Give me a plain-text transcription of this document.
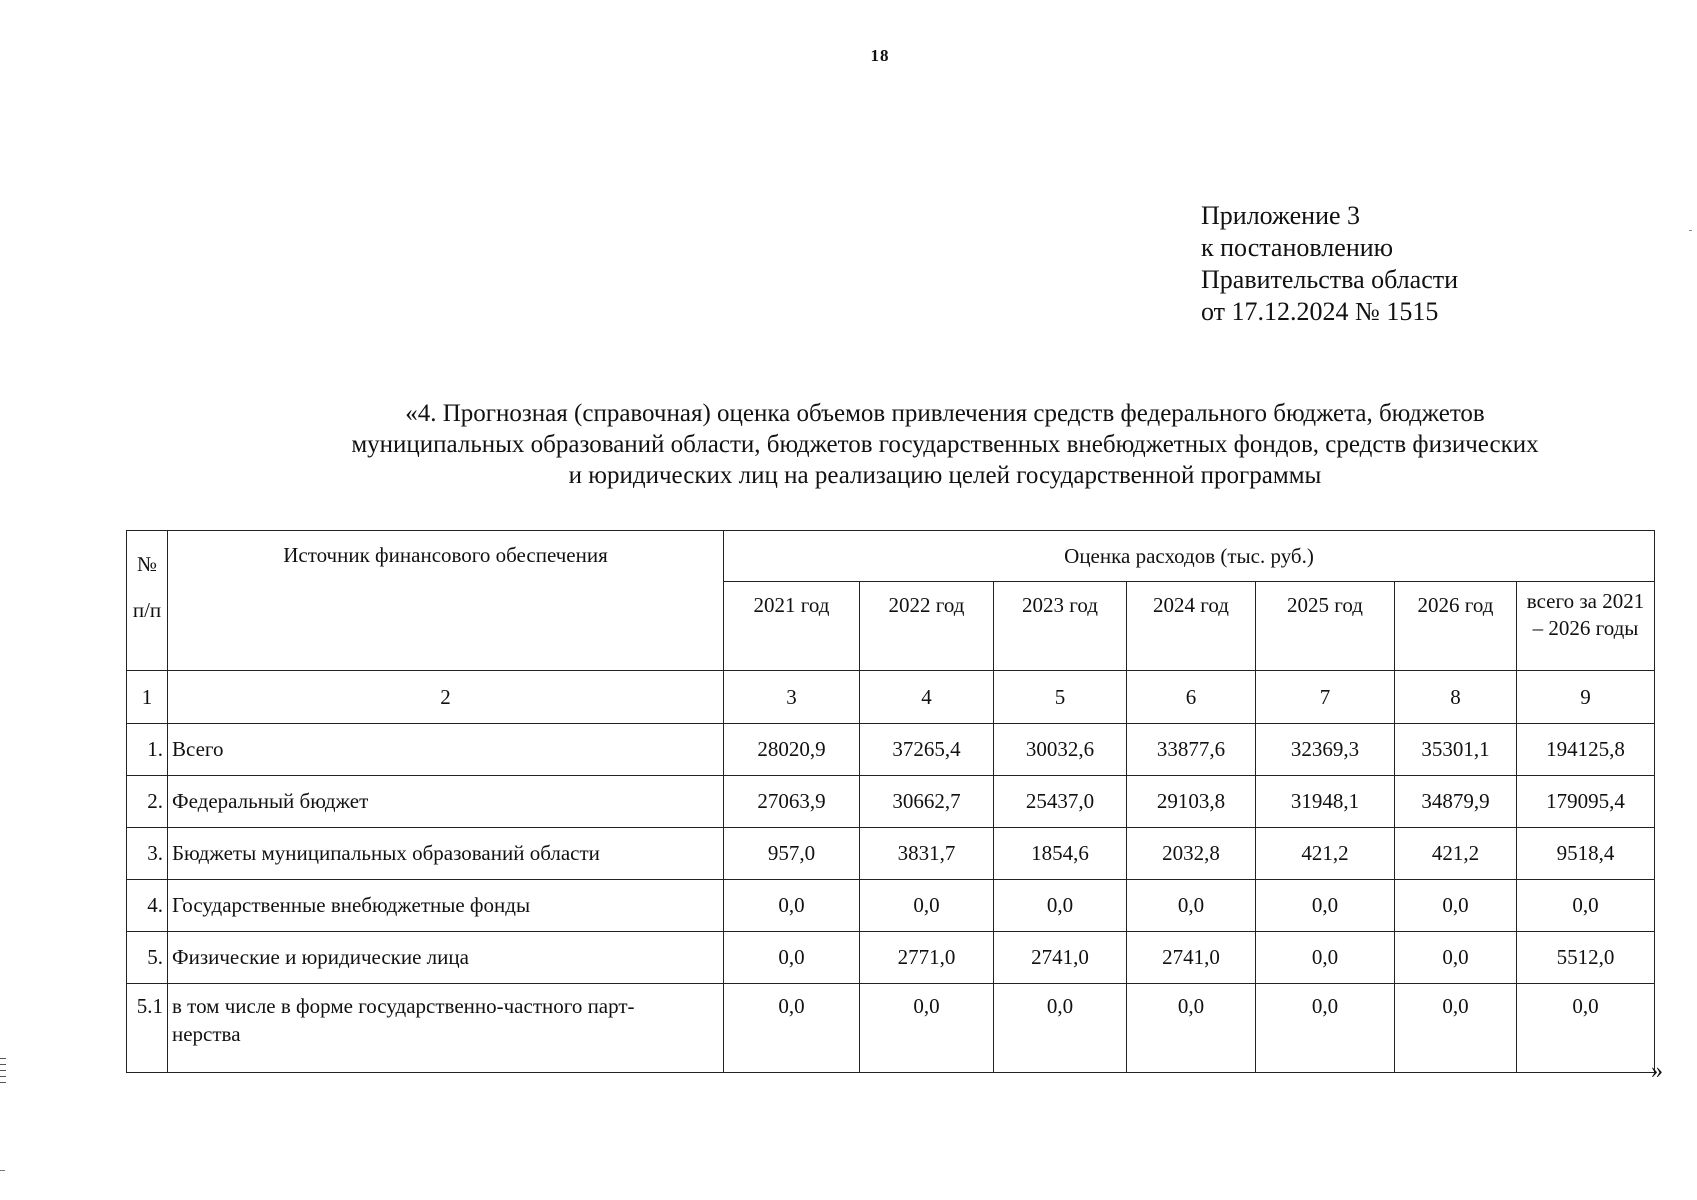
18
Приложение 3
к постановлению
Правительства области
от 17.12.2024 № 1515
«4. Прогнозная (справочная) оценка объемов привлечения средств федерального бюджета, бюджетов
муниципальных образований области, бюджетов государственных внебюджетных фондов, средств физических
и юридических лиц на реализацию целей государственной программы
№
п/п	Источник финансового обеспечения	Оценка расходов (тыс. руб.)						
		2021 год	2022 год	2023 год	2024 год	2025 год	2026 год	всего за 2021
– 2026 годы
1	2	3	4	5	6	7	8	9
1.	Всего	28020,9	37265,4	30032,6	33877,6	32369,3	35301,1	194125,8
2.	Федеральный бюджет	27063,9	30662,7	25437,0	29103,8	31948,1	34879,9	179095,4
3.	Бюджеты муниципальных образований области	957,0	3831,7	1854,6	2032,8	421,2	421,2	9518,4
4.	Государственные внебюджетные фонды	0,0	0,0	0,0	0,0	0,0	0,0	0,0
5.	Физические и юридические лица	0,0	2771,0	2741,0	2741,0	0,0	0,0	5512,0
5.1	в том числе в форме государственно-частного парт-
нерства	0,0	0,0	0,0	0,0	0,0	0,0	0,0
»
